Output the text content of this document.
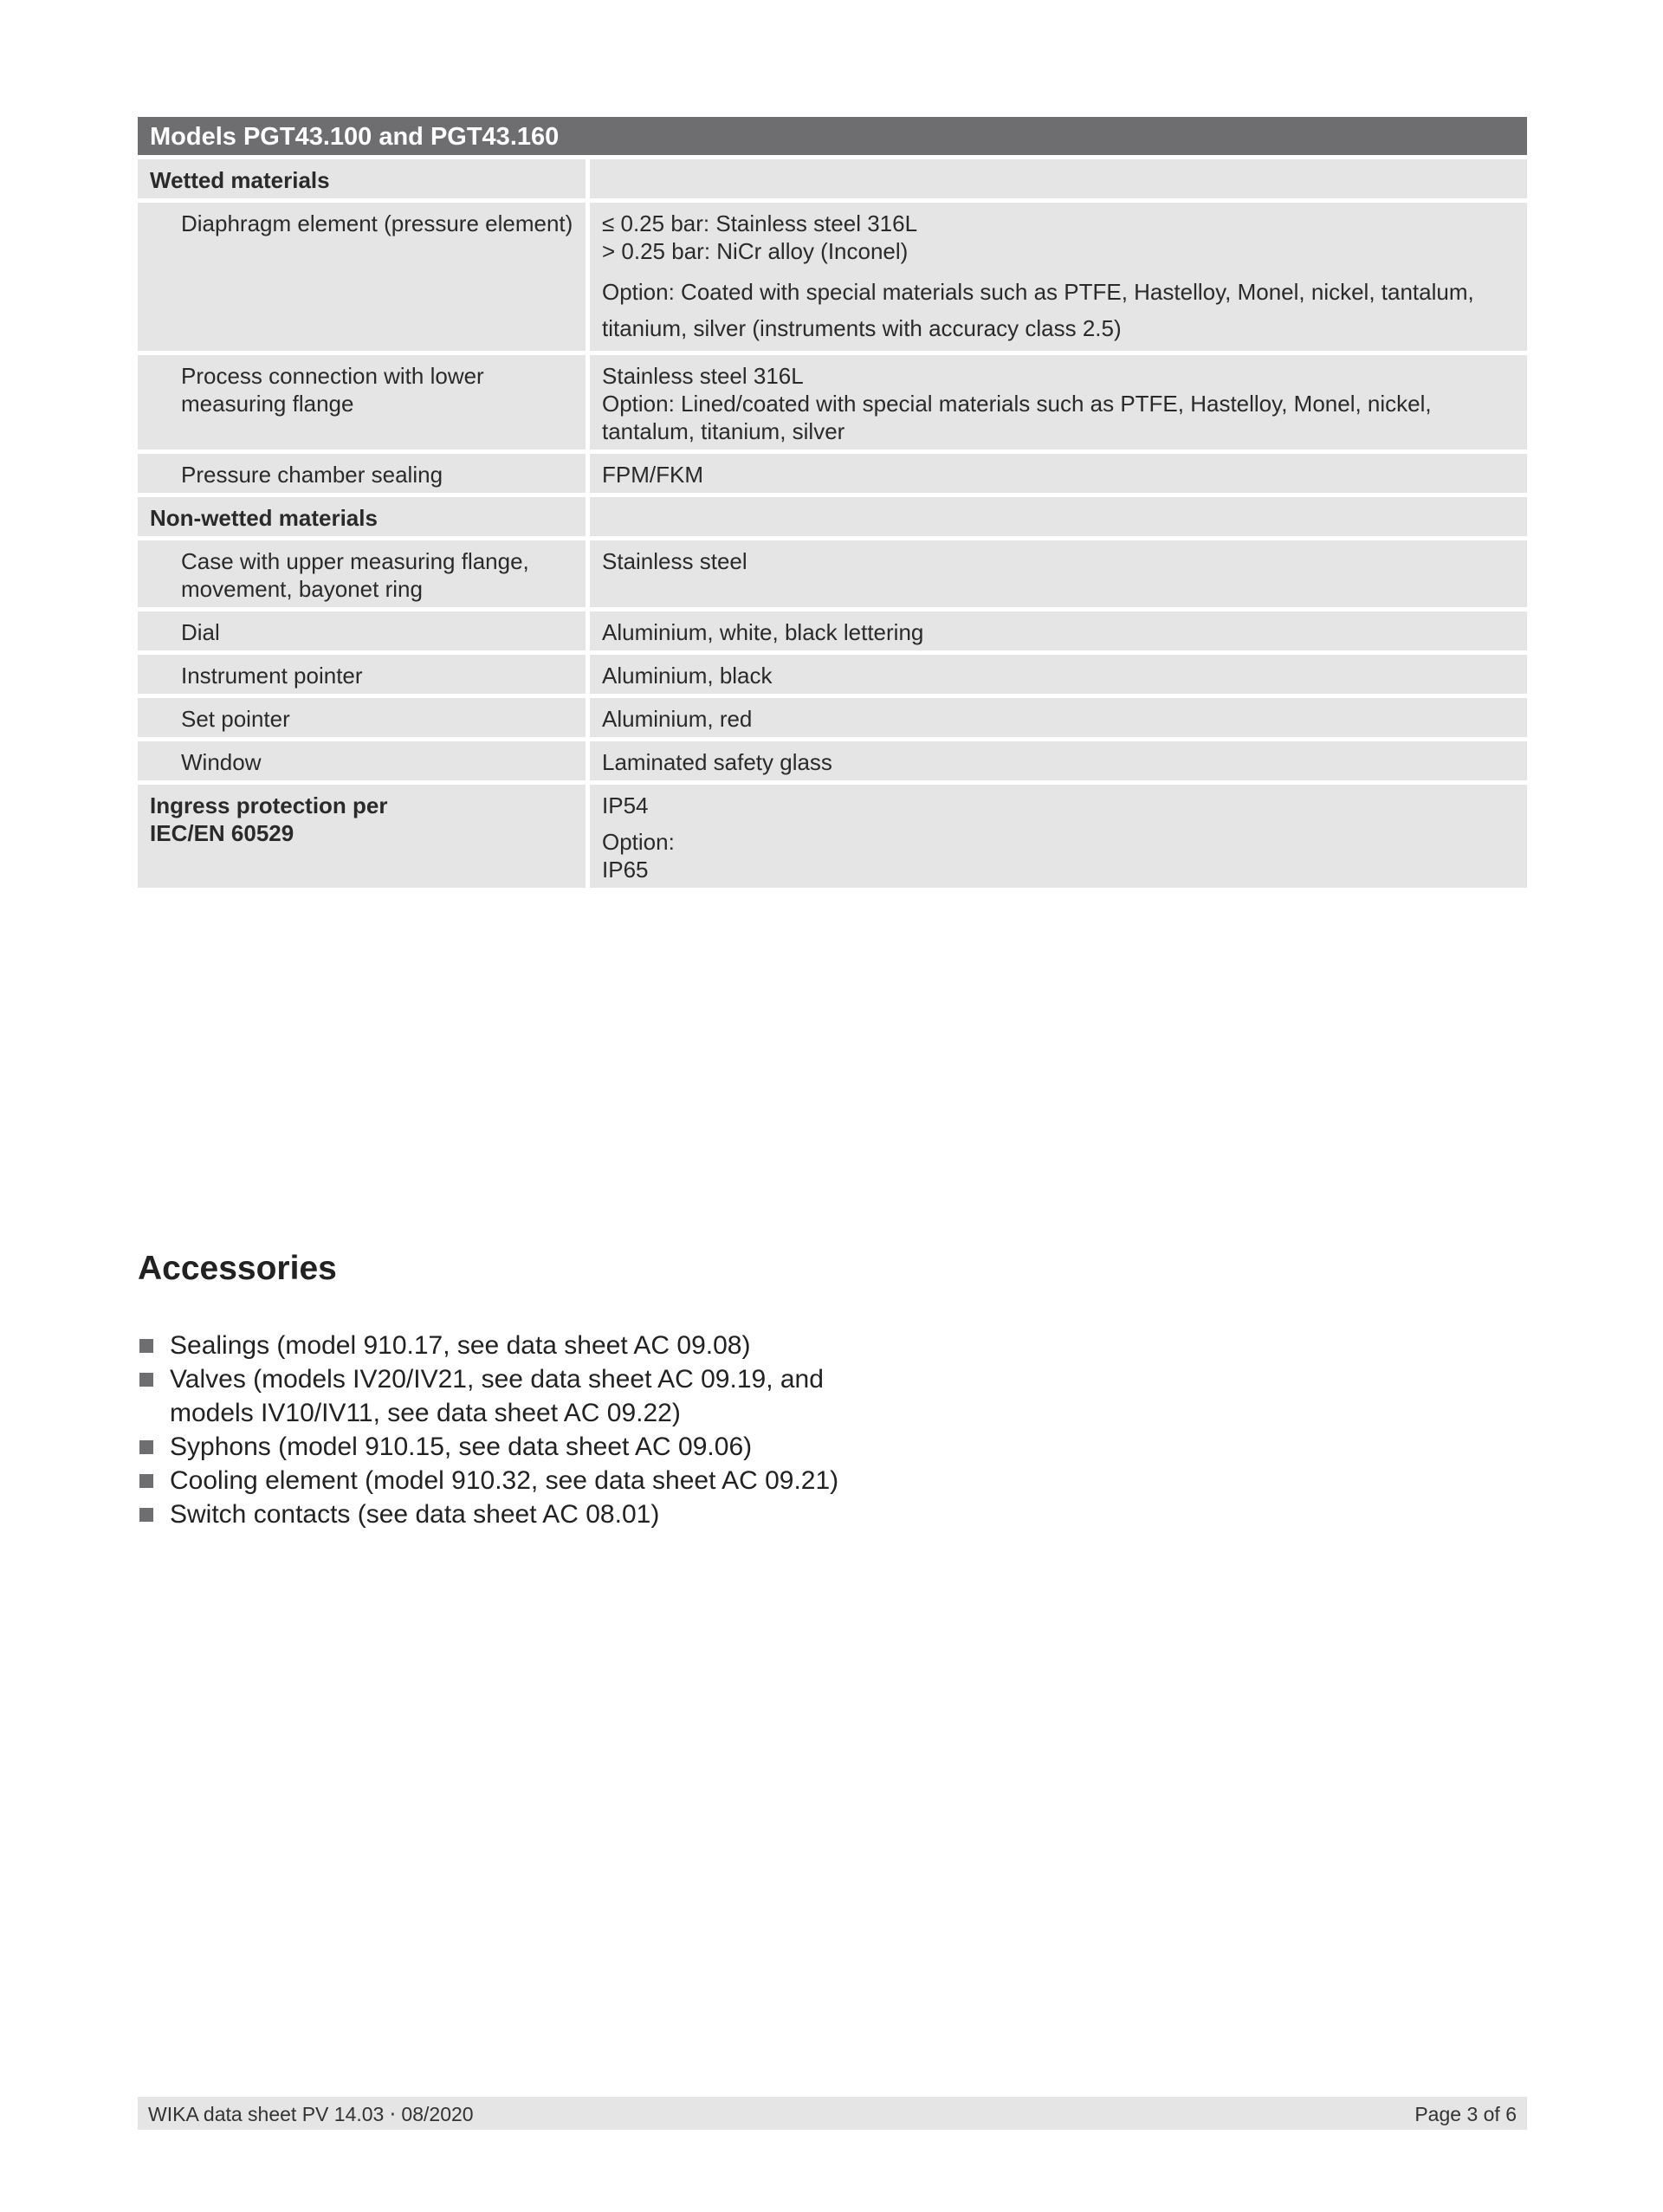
Models PGT43.100 and PGT43.160	
Wetted materials	
Diaphragm element (pressure element)	≤ 0.25 bar: Stainless steel 316L
> 0.25 bar: NiCr alloy (Inconel)
Option: Coated with special materials such as PTFE, Hastelloy, Monel, nickel, tantalum, titanium, silver (instruments with accuracy class 2.5)

Process connection with lower measuring flange	Stainless steel 316L
Option: Lined/coated with special materials such as PTFE, Hastelloy, Monel, nickel, tantalum, titanium, silver

Pressure chamber sealing	FPM/FKM
Non-wetted materials	
Case with upper measuring flange, movement, bayonet ring	Stainless steel
Dial	Aluminium, white, black lettering
Instrument pointer	Aluminium, black
Set pointer	Aluminium, red
Window	Laminated safety glass

Ingress protection per
IEC/EN 60529	IP54
Option:
IP65
Accessories
Sealings (model 910.17, see data sheet AC 09.08)
Valves (models IV20/IV21, see data sheet AC 09.19, and
models IV10/IV11, see data sheet AC 09.22)
Syphons (model 910.15, see data sheet AC 09.06)
Cooling element (model 910.32, see data sheet AC 09.21)
Switch contacts (see data sheet AC 08.01)
WIKA data sheet PV 14.03 ⋅ 08/2020	Page 3 of 6
